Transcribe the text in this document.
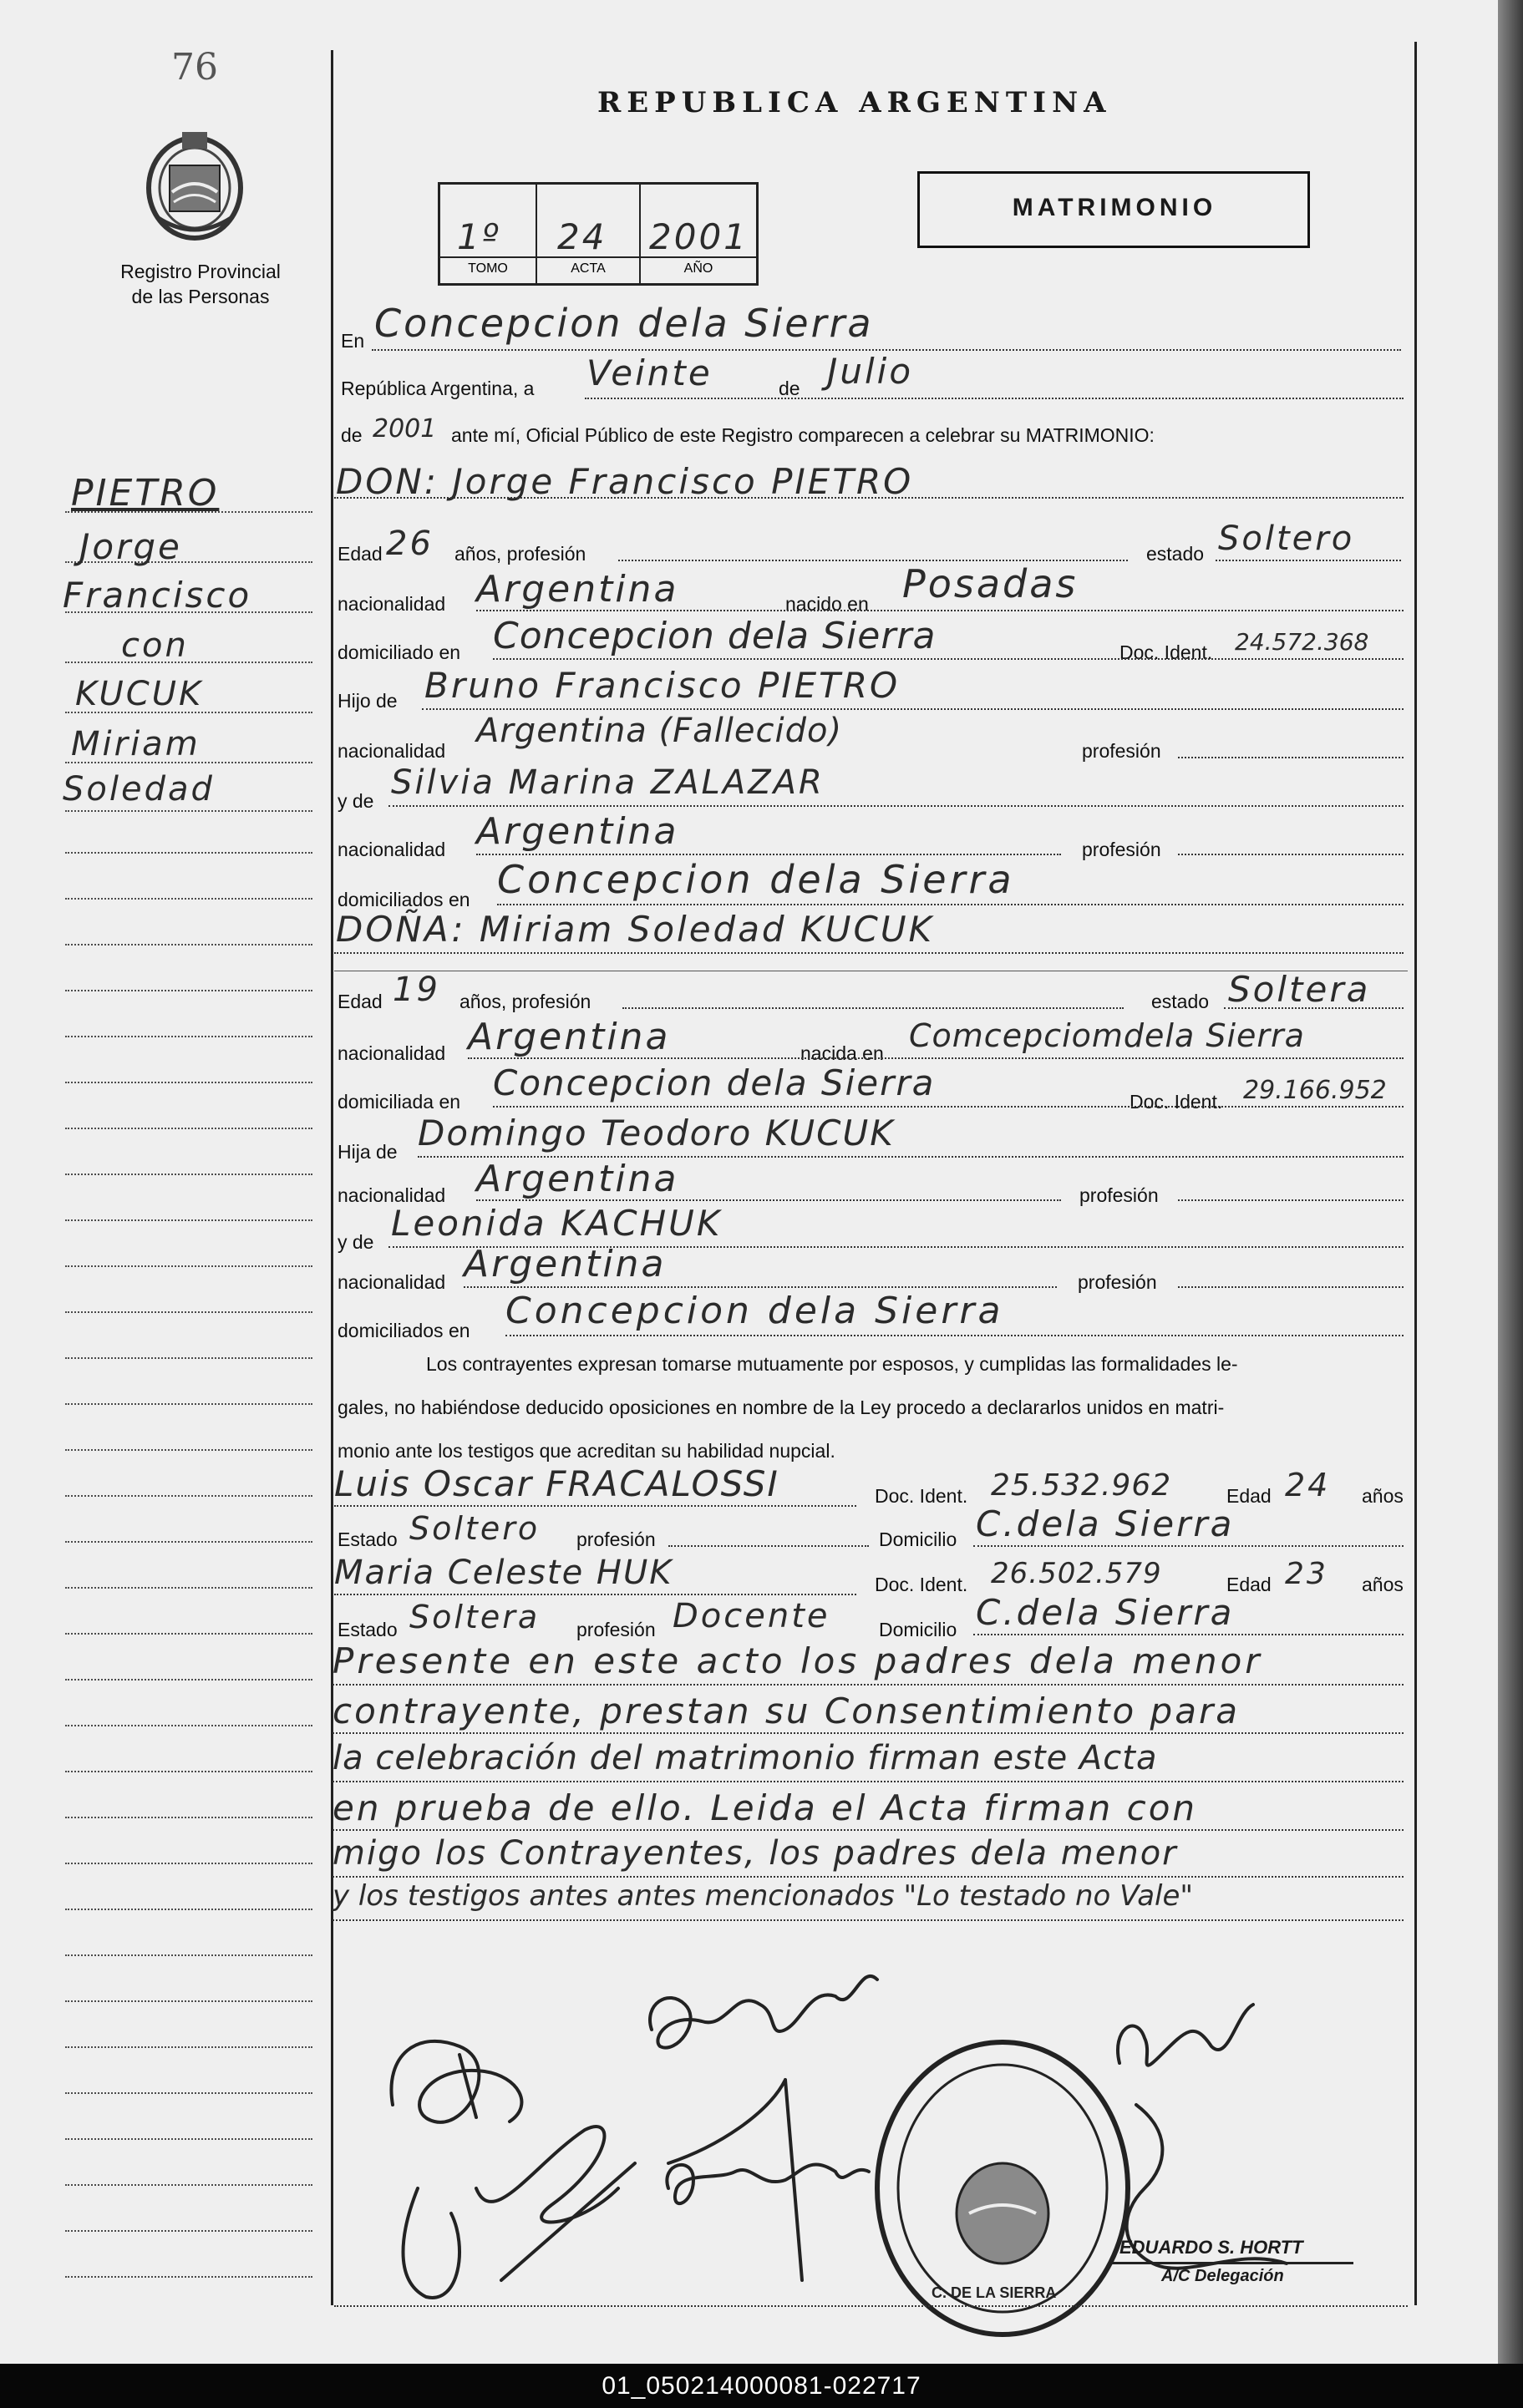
76
Registro Provincial
de las Personas
REPUBLICA ARGENTINA
1º 24 2001
TOMO	ACTA	AÑO
MATRIMONIO
PIETRO
Jorge
Francisco
con
KUCUK
Miriam
Soledad
En Concepcion dela Sierra
República Argentina, a Veinte	de Julio
de 2001 ante mí, Oficial Público de este Registro comparecen a celebrar su MATRIMONIO:
DON: Jorge Francisco PIETRO
Edad 26 años, profesión	estado Soltero
nacionalidad Argentina	nacido en Posadas
domiciliado en Concepcion dela Sierra	Doc. Ident. 24.572.368
Hijo de Bruno Francisco PIETRO
nacionalidad
Argentina (Fallecido)
profesión
y de Silvia Marina ZALAZAR
nacionalidad Argentina	profesión
domiciliados en Concepcion dela Sierra
DOÑA: Miriam Soledad KUCUK
Edad 19 años, profesión	estado Soltera
nacionalidad Argentina	nacida en Comcepciomdela Sierra
domiciliada en Concepcion dela Sierra	Doc. Ident. 29.166.952
Hija de Domingo Teodoro KUCUK
nacionalidad Argentina	profesión
y de Leonida KACHUK
nacionalidad Argentina	profesión
domiciliados en Concepcion dela Sierra
Los contrayentes expresan tomarse mutuamente por esposos, y cumplidas las formalidades le-
gales, no habiéndose deducido oposiciones en nombre de la Ley procedo a declararlos unidos en matri-
monio ante los testigos que acreditan su habilidad nupcial.
Luis Oscar FRACALOSSI	Doc. Ident. 25.532.962	Edad 24 años
Estado Soltero profesión	Domicilio C.dela Sierra
Maria Celeste HUK	Doc. Ident. 26.502.579	Edad 23 años
Estado Soltera profesión Docente	Domicilio C.dela Sierra
Presente en este acto los padres dela menor
contrayente, prestan su Consentimiento para
la celebración del matrimonio firman este Acta
en prueba de ello. Leida el Acta firman con
migo los Contrayentes, los padres dela menor
y los testigos antes antes mencionados "Lo testado no Vale"
C. DE LA SIERRA
EDUARDO S. HORTT
A/C Delegación
01_050214000081-022717
